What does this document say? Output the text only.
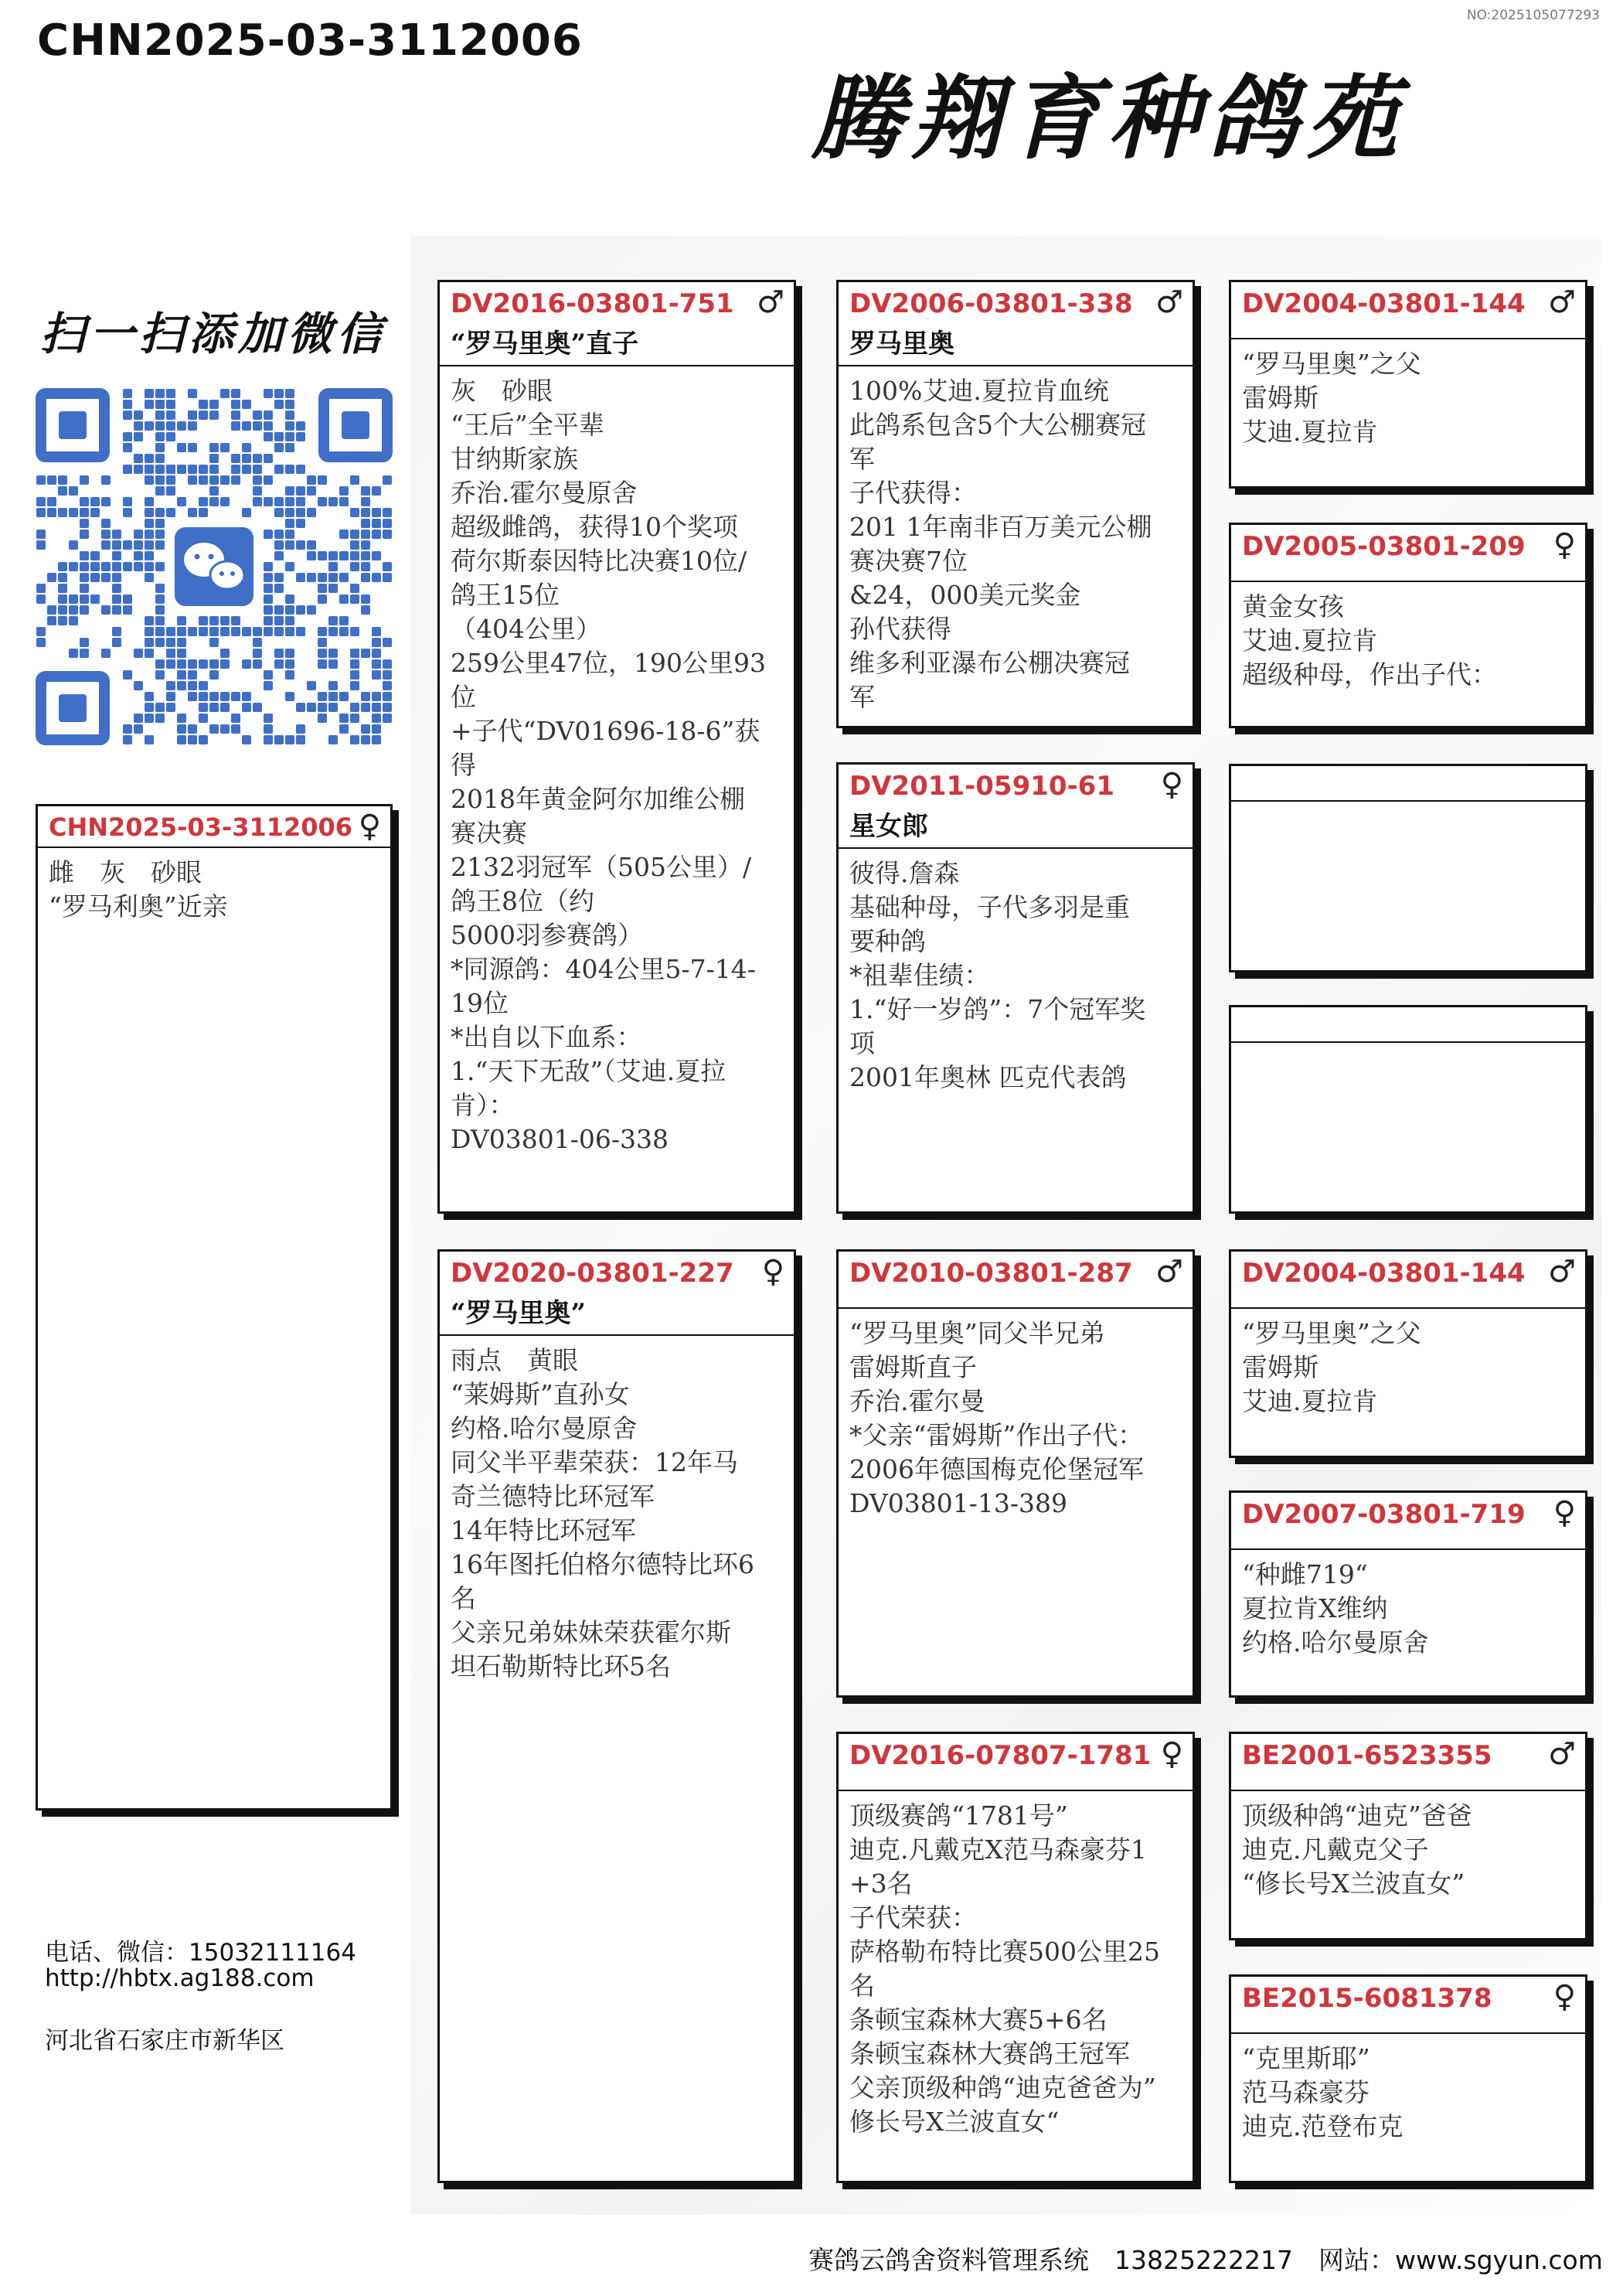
CHN2025-03-3112006	NO:2025105077293
腾翔育种鸽苑
扫一扫添加微信
CHN2025-03-3112006 ♀
雌　灰　砂眼
“罗马利奥”近亲
电话、微信：15032111164
http://hbtx.ag188.com
河北省石家庄市新华区
DV2016-03801-751 ♂
“罗马里奥”直子
灰　砂眼
“王后”全平辈
甘纳斯家族
乔治.霍尔曼原舍
超级雌鸽，获得10个奖项
荷尔斯泰因特比决赛10位/
鸽王15位
（404公里）
259公里47位，190公里93
位
+子代“DV01696-18-6”获得
2018年黄金阿尔加维公棚
赛决赛
2132羽冠军（505公里）/
鸽王8位（约
5000羽参赛鸽）
*同源鸽：404公里5-7-14-
19位
*出自以下血系：
1.“天下无敌”（艾迪.夏拉
肯）：
DV03801-06-338
DV2020-03801-227 ♀
“罗马里奥”
雨点　黄眼
“莱姆斯”直孙女
约格.哈尔曼原舍
同父半平辈荣获：12年马
奇兰德特比环冠军
14年特比环冠军
16年图托伯格尔德特比环6
名
父亲兄弟妹妹荣获霍尔斯
坦石勒斯特比环5名
DV2006-03801-338 ♂
罗马里奥
100%艾迪.夏拉肯血统
此鸽系包含5个大公棚赛冠
军
子代获得：
201 1年南非百万美元公棚
赛决赛7位
&24，000美元奖金
孙代获得
维多利亚瀑布公棚决赛冠
军
DV2011-05910-61	♀
星女郎
彼得.詹森
基础种母，子代多羽是重
要种鸽
*祖辈佳绩：
1.“好一岁鸽”：7个冠军奖
项
2001年奥林 匹克代表鸽
DV2010-03801-287 ♂
“罗马里奥”同父半兄弟
雷姆斯直子
乔治.霍尔曼
*父亲“雷姆斯”作出子代：
2006年德国梅克伦堡冠军
DV03801-13-389
DV2016-07807-1781 ♀
顶级赛鸽“1781号”
迪克.凡戴克X范马森豪芬1
+3名
子代荣获：
萨格勒布特比赛500公里25
名
条顿宝森林大赛5+6名
条顿宝森林大赛鸽王冠军
父亲顶级种鸽“迪克爸爸为”
修长号X兰波直女“
DV2004-03801-144 ♂
“罗马里奥”之父
雷姆斯
艾迪.夏拉肯
DV2005-03801-209 ♀
黄金女孩
艾迪.夏拉肯
超级种母，作出子代：
DV2004-03801-144 ♂
“罗马里奥”之父
雷姆斯
艾迪.夏拉肯
DV2007-03801-719 ♀
“种雌719“
夏拉肯X维纳
约格.哈尔曼原舍
BE2001-6523355	♂
顶级种鸽“迪克”爸爸
迪克.凡戴克父子
“修长号X兰波直女”
BE2015-6081378	♀
“克里斯耶”
范马森豪芬
迪克.范登布克
赛鸽云鸽舍资料管理系统　13825222217　网站：www.sgyun.com
